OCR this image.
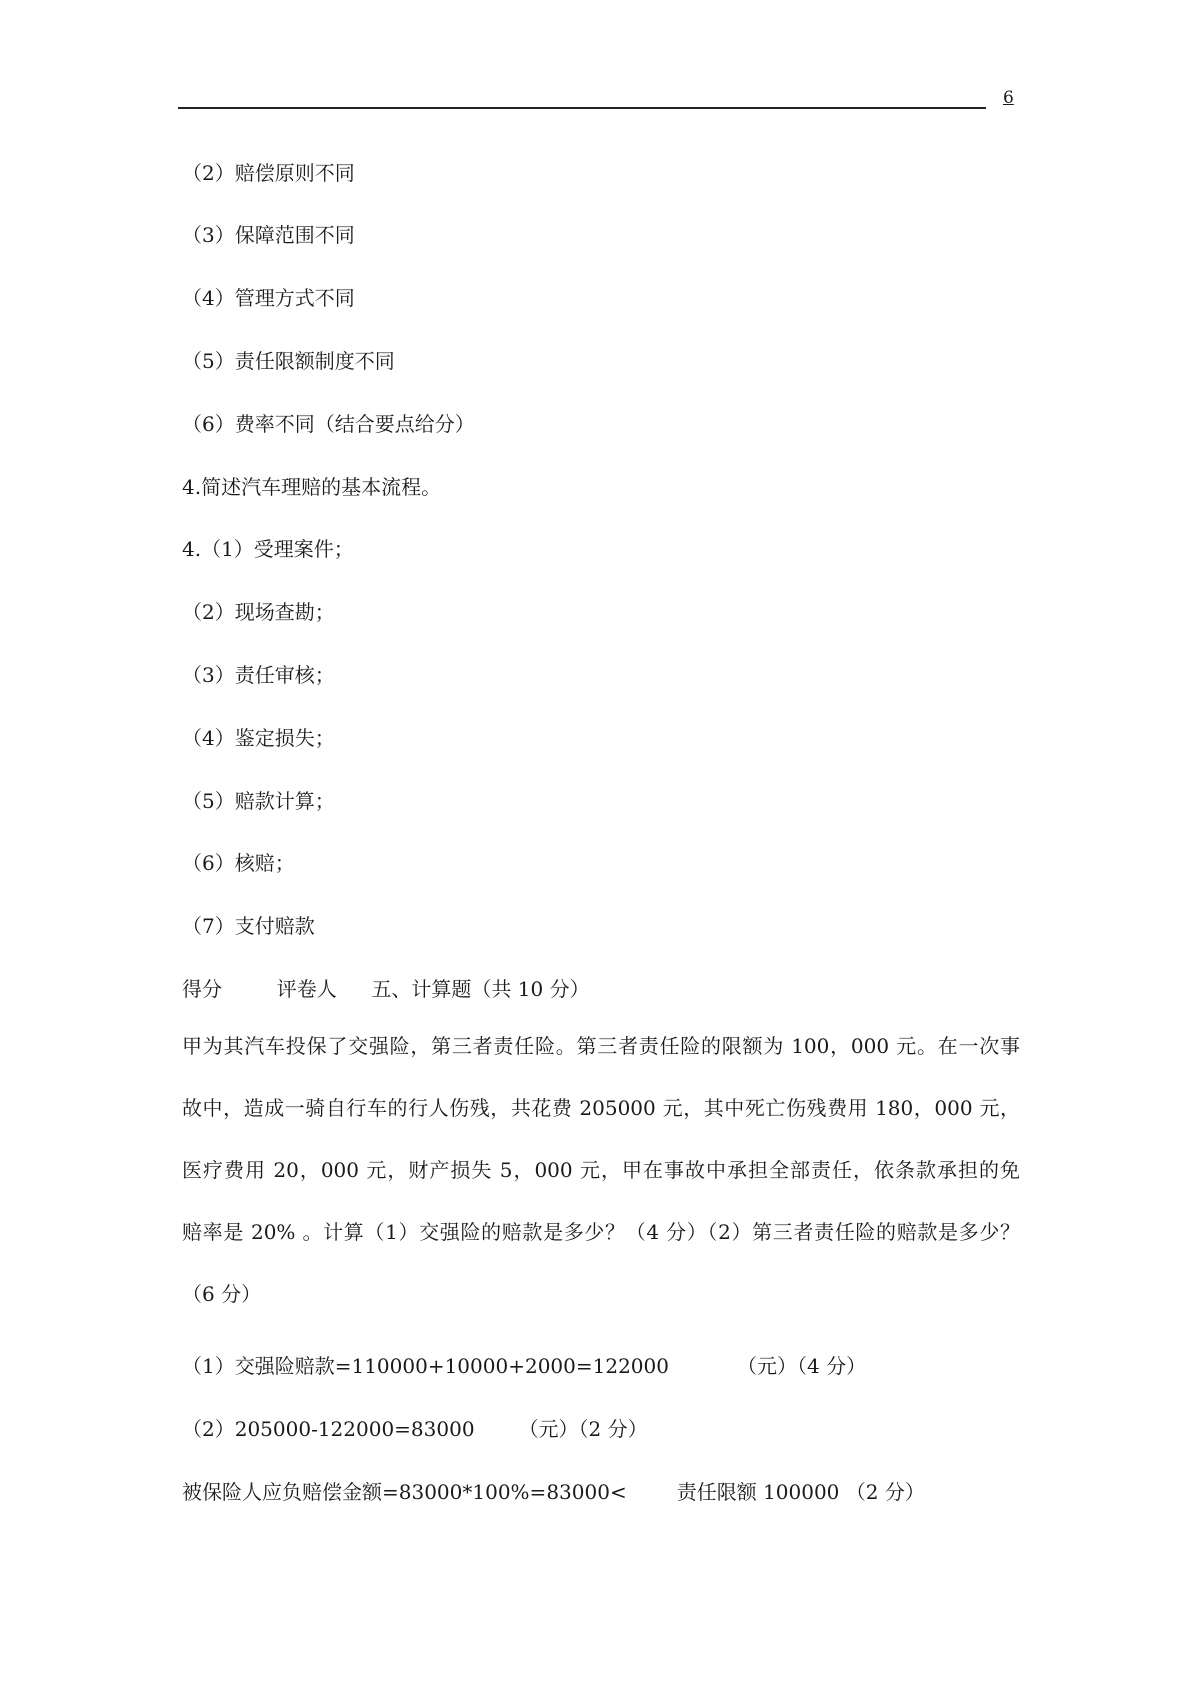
6
（2）赔偿原则不同
（3）保障范围不同
（4）管理方式不同
（5）责任限额制度不同
（6）费率不同（结合要点给分）
4.简述汽车理赔的基本流程。
4.（1）受理案件；
（2）现场查勘；
（3）责任审核；
（4）鉴定损失；
（5）赔款计算；
（6）核赔；
（7）支付赔款
得分	评卷人 五、计算题（共 10 分）
甲为其汽车投保了交强险，第三者责任险。第三者责任险的限额为 100，000 元。在一次事
故中，造成一骑自行车的行人伤残，共花费 205000 元，其中死亡伤残费用 180，000 元，
医疗费用 20，000 元，财产损失 5，000 元，甲在事故中承担全部责任，依条款承担的免
赔率是 20% 。计算（1）交强险的赔款是多少？（4 分）（2）第三者责任险的赔款是多少？
（6 分）
（1）交强险赔款=110000+10000+2000=122000	（元）（4 分）
（2）205000-122000=83000 （元）（2 分）
被保险人应负赔偿金额=83000*100%=83000<	责任限额 100000 （2 分）
